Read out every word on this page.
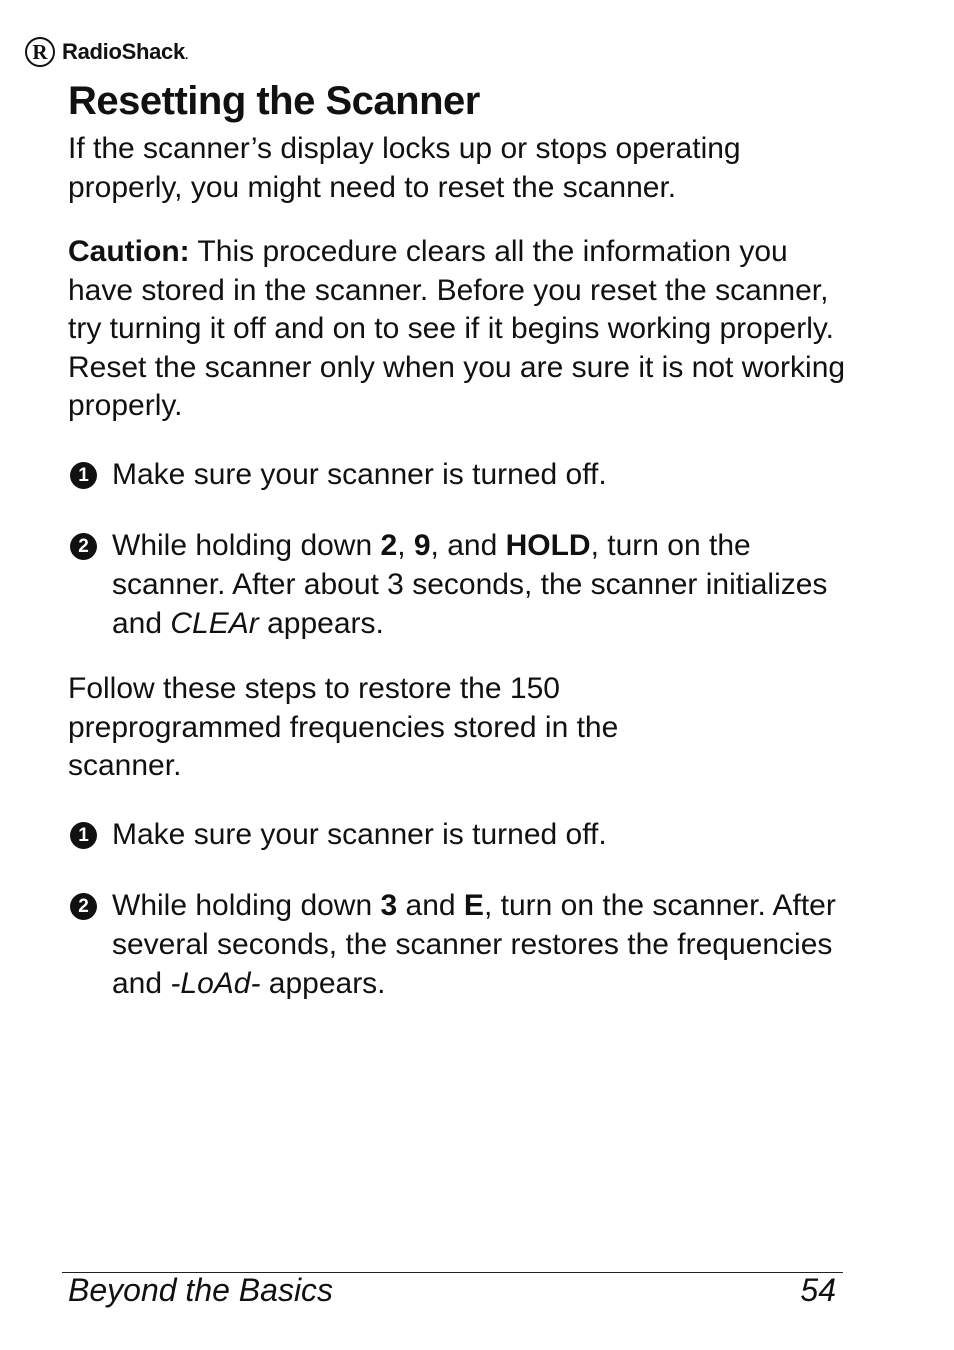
R RadioShack.
Resetting the Scanner

If the scanner’s display locks up or stops operating properly, you might need to reset the scanner.

Caution: This procedure clears all the information you have stored in the scanner. Before you reset the scanner, try turning it off and on to see if it begins working properly. Reset the scanner only when you are sure it is not working properly.

1 Make sure your scanner is turned off.
2 While holding down 2, 9, and HOLD, turn on the scanner. After about 3 seconds, the scanner initializes and CLEAr appears.

Follow these steps to restore the 150 preprogrammed frequencies stored in the scanner.

1 Make sure your scanner is turned off.
2 While holding down 3 and E, turn on the scanner. After several seconds, the scanner restores the frequencies and -LoAd- appears.
Beyond the Basics	54
